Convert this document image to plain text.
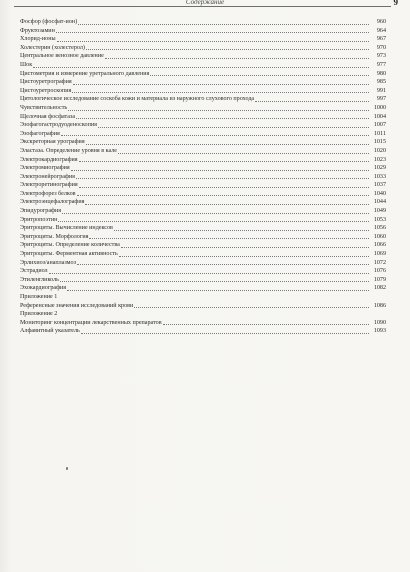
Содержание	9
Фосфор (фосфат-ион)	960
Фруктозамин	964
Хлорид-ионы	967
Холестерин (холестерол)	970
Центральное венозное давление	973
Шок	977
Цистометрия и измерение уретрального давления	980
Цистоуретрография	985
Цистоуретроскопия	991
Цитологическое исследование соскоба кожи и материала из наружного слухового прохода	997
Чувствительность	1000
Щелочная фосфатаза	1004
Эзофагогастродуоденоскопия	1007
Эзофагография	1011
Экскреторная урография	1015
Эластаза. Определение уровня в кале	1020
Электрокардиография	1023
Электромиография	1029
Электронейрография	1033
Электроретинография	1037
Электрофорез белков	1040
Электроэнцефалография	1044
Эпидурография	1049
Эритропоэтин	1053
Эритроциты. Вычисление индексов	1056
Эритроциты. Морфология	1060
Эритроциты. Определение количества	1066
Эритроциты. Ферментная активность	1069
Эрлихиоз/анаплазмоз	1072
Эстрадиол	1076
Этиленгликоль	1079
Эхокардиография	1082
Приложение 1
Референсные значения исследований крови	1086
Приложение 2
Мониторинг концентрации лекарственных препаратов	1090
Алфавитный указатель	1093
